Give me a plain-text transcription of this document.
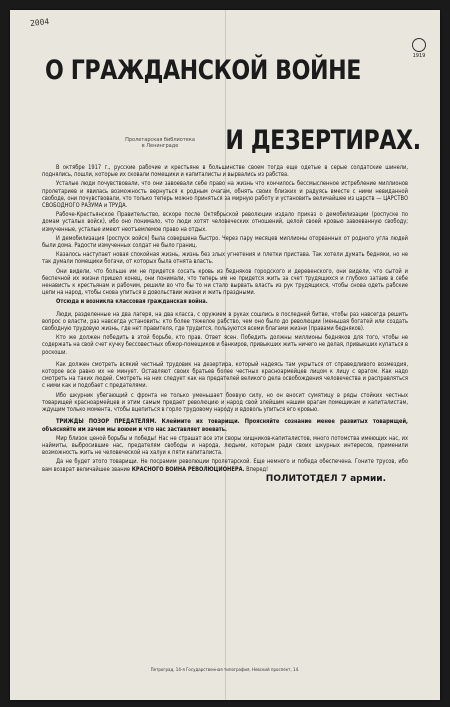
2004
1919
О ГРАЖДАНСКОЙ ВОЙНЕ
И ДЕЗЕРТИРАХ.
Пролетарская библиотека
в Ленинграде

В октябре 1917 г., русские рабочие и крестьяне в большинстве своем тогда еще одетые в серые солдатские шинели, поднялись, пошли, которые их сковали помещики и капиталисты и вырвались из рабства.

Усталые люди почувствовали, что они завоевали себе право на жизнь что кончилось бессмысленное истребление миллионов пролетариев и явилась возможность вернуться к родным очагам, обнять своих близких и радуясь вместе с ними невиданной свободе, они почувствовали, что только теперь можно приняться за мирную работу и установить величайшее из царств — ЦАРСТВО СВОБОДНОГО РАЗУМА и ТРУДА.

Рабоче-Крестьянское Правительство, вскоре после Октябрьской революции издало приказ о демобилизации (роспуске по домам усталых войск), ибо оно понимало, что люди хотят человеческих отношений, целой своей кровью завоеванную свободу; измученные, усталые имеют неотъемлемое право на отдых.

И демобилизация (роспуск войск) была совершена быстро. Через пару месяцев миллионы оторванных от родного угла людей были дома. Радости измученных солдат не было границ.

Казалось наступает новая спокойная жизнь, жизнь без злых угнетения и плетки пристава. Так хотели думать бедняки, но не так думали помещики богачи, от которых была отнята власть.

Они видели, что больше им не придется сосать кровь из бедняков городского и деревенского, они видели, что сытой и беспечной их жизни пришел конец, они понимали, что теперь им не придется жить за счет трудящихся и глубоко затаив в себе ненависть к крестьянам и рабочим, решили во что бы то ни стало вырвать власть из рук трудящихся, чтобы снова одеть рабские цепи на народ, чтобы снова упиться в довольствии жизни и жить праздными.

Отсюда и возникла классовая гражданская война.

Люди, разделенные на два лагеря, на два класса, с оружием в руках сошлись в последней битве, чтобы раз навсегда решить вопрос о власти, раз навсегда установить: кто более тяжелое рабство, чем оно было до революции (меньшая богатей или создать свободную трудовую жизнь, где нет правителя, где трудится, пользуются всеми благами жизни (правами бедняков).

Кто же должен победить в этой борьбе, кто прав. Ответ ясен. Победить должны миллионы бедняков для того, чтобы не содержать на свой счет кучку бессовестных обжор-помещиков и банкиров, привыкших жить ничего не делая, привыкших купаться в роскоши.

Как должен смотреть всякий честный трудовик на дезертира, который надеясь там укрыться от справедливого возмездия, которое все равно их не минует. Оставляют своих братьев более честных красноармейцев лицом к лицу с врагом. Как надо смотреть на таких людей. Смотреть на них следует как на предателей великого дела освобождения человечества и расправляться с ними как и подобает с предателями.

Ибо шкурник убегающий с фронта не только уменьшает боевую силу, но он вносит сумятицу в ряды стойких честных товарищей красноармейцев и этим самым предает революцию и народ свой злейшим нашим врагам помещикам и капиталистам, ждущим только момента, чтобы вцепиться в горло трудовому народу и вдоволь упиться его кровью.

ТРИЖДЫ ПОЗОР ПРЕДАТЕЛЯМ. Клеймите их товарищи. Проясняйте сознание менее развитых товарищей, объясняйте им зачем мы воюем и что нас заставляет воевать.

Мир близок ценой борьбы и победы! Нас не страшат все эти своры хищников-капиталистов, много потомства имеющих нас, их наймиты, выбросившие нас, предателям свободы и народа, людьми, которым ради своих шкурных интересов, применили возможность жить не человеческой на халуи к пяти капиталиста.

Да не будет этого товарищи. Не посрамим революции пролетарской. Еще немного и победа обеспечена. Гоните трусов, ибо вам возврат величайшее звание КРАСНОГО ВОИНА РЕВОЛЮЦИОНЕРА. Вперед!

ПОЛИТОТДЕЛ 7 армии.
Петроград, 14-я Государственная типография, Невский проспект, 14.
